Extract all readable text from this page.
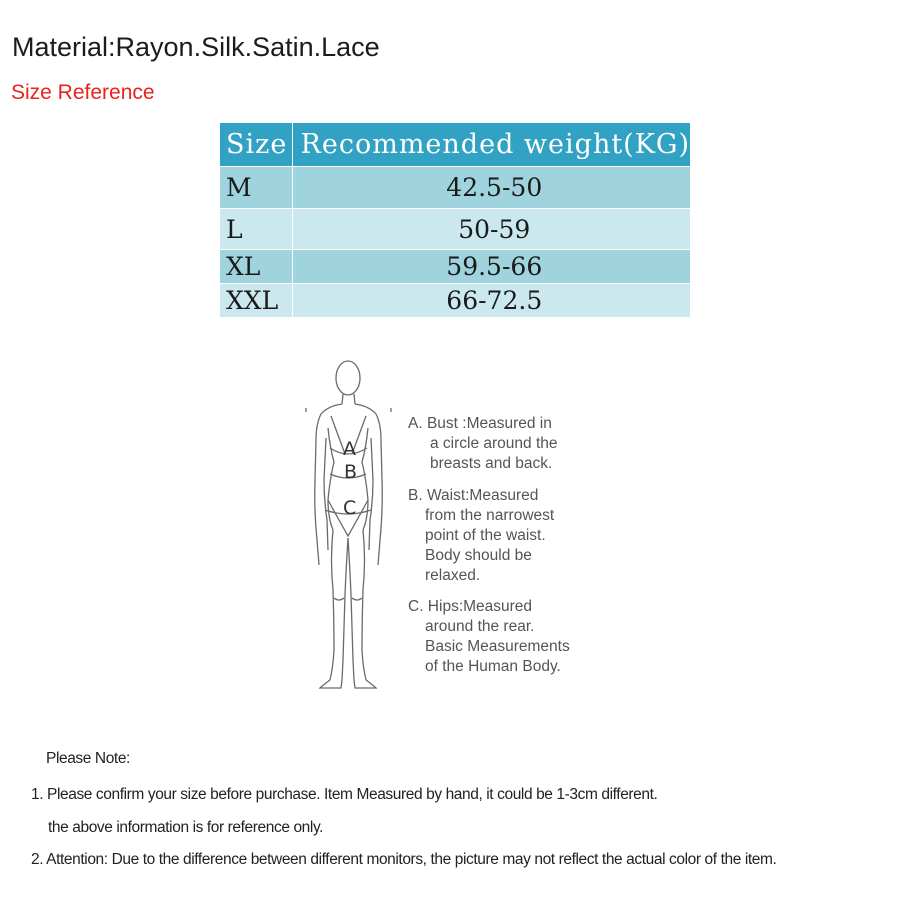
Material:Rayon.Silk.Satin.Lace
Size Reference
Size	Recommended weight(KG)
M	42.5-50
L	50-59
XL	59.5-66
XXL	66-72.5
A
B
C
A. Bust :Measured in
a circle around the
breasts and back.
B. Waist:Measured
from the narrowest
point of the waist.
Body should be
relaxed.
C. Hips:Measured
around the rear.
Basic Measurements
of the Human Body.
Please Note:
1. Please confirm your size before purchase. Item Measured by hand, it could be 1-3cm different.
the above information is for reference only.
2. Attention: Due to the difference between different monitors, the picture may not reflect the actual color of the item.
